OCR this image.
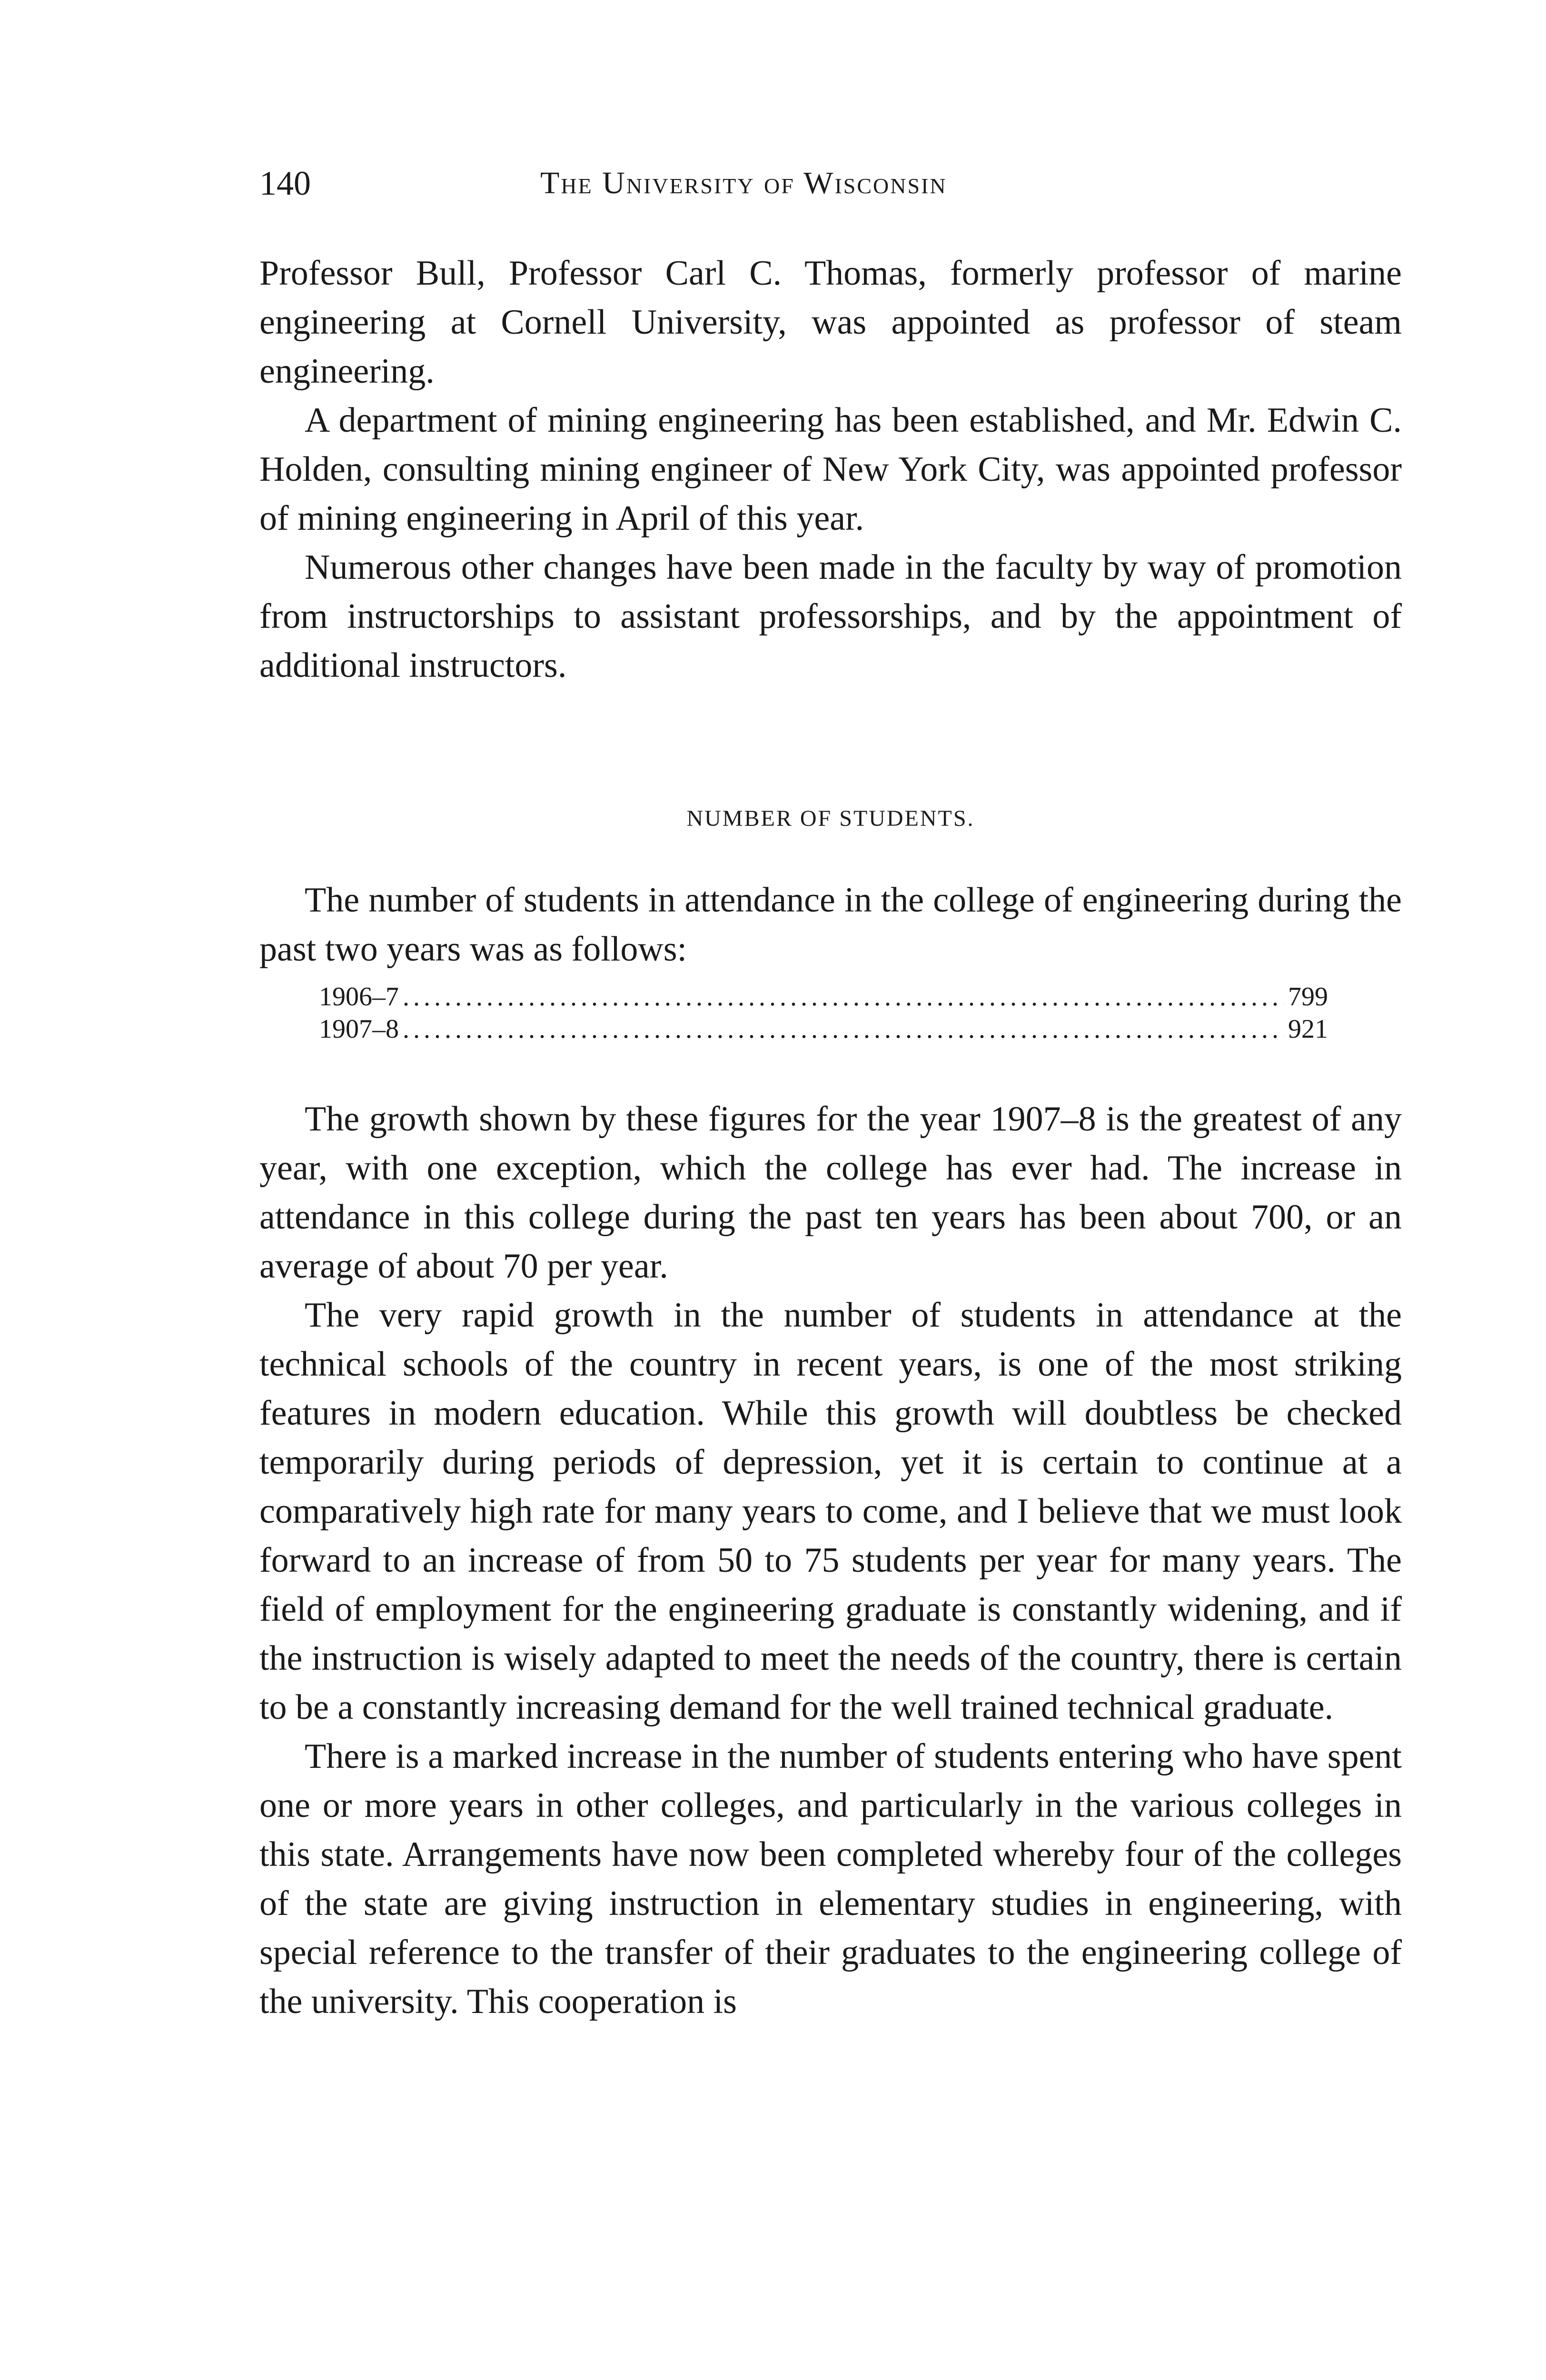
140	The University of Wisconsin

Professor Bull, Professor Carl C. Thomas, formerly professor of marine engineering at Cornell University, was appointed as professor of steam engineering.

A department of mining engineering has been established, and Mr. Edwin C. Holden, consulting mining engineer of New York City, was appointed professor of mining engineering in April of this year.

Numerous other changes have been made in the faculty by way of promotion from instructorships to assistant professorships, and by the appointment of additional instructors.

NUMBER OF STUDENTS.

The number of students in attendance in the college of engineering during the past two years was as follows:

1906–7 .....	799
1907–8 .....	921

The growth shown by these figures for the year 1907–8 is the greatest of any year, with one exception, which the college has ever had. The increase in attendance in this college during the past ten years has been about 700, or an average of about 70 per year.

The very rapid growth in the number of students in attendance at the technical schools of the country in recent years, is one of the most striking features in modern education. While this growth will doubtless be checked temporarily during periods of depression, yet it is certain to continue at a comparatively high rate for many years to come, and I believe that we must look forward to an increase of from 50 to 75 students per year for many years. The field of employment for the engineering graduate is constantly widening, and if the instruction is wisely adapted to meet the needs of the country, there is certain to be a constantly increasing demand for the well trained technical graduate.

There is a marked increase in the number of students entering who have spent one or more years in other colleges, and particularly in the various colleges in this state. Arrangements have now been completed whereby four of the colleges of the state are giving instruction in elementary studies in engineering, with special reference to the transfer of their graduates to the engineering college of the university. This cooperation is
